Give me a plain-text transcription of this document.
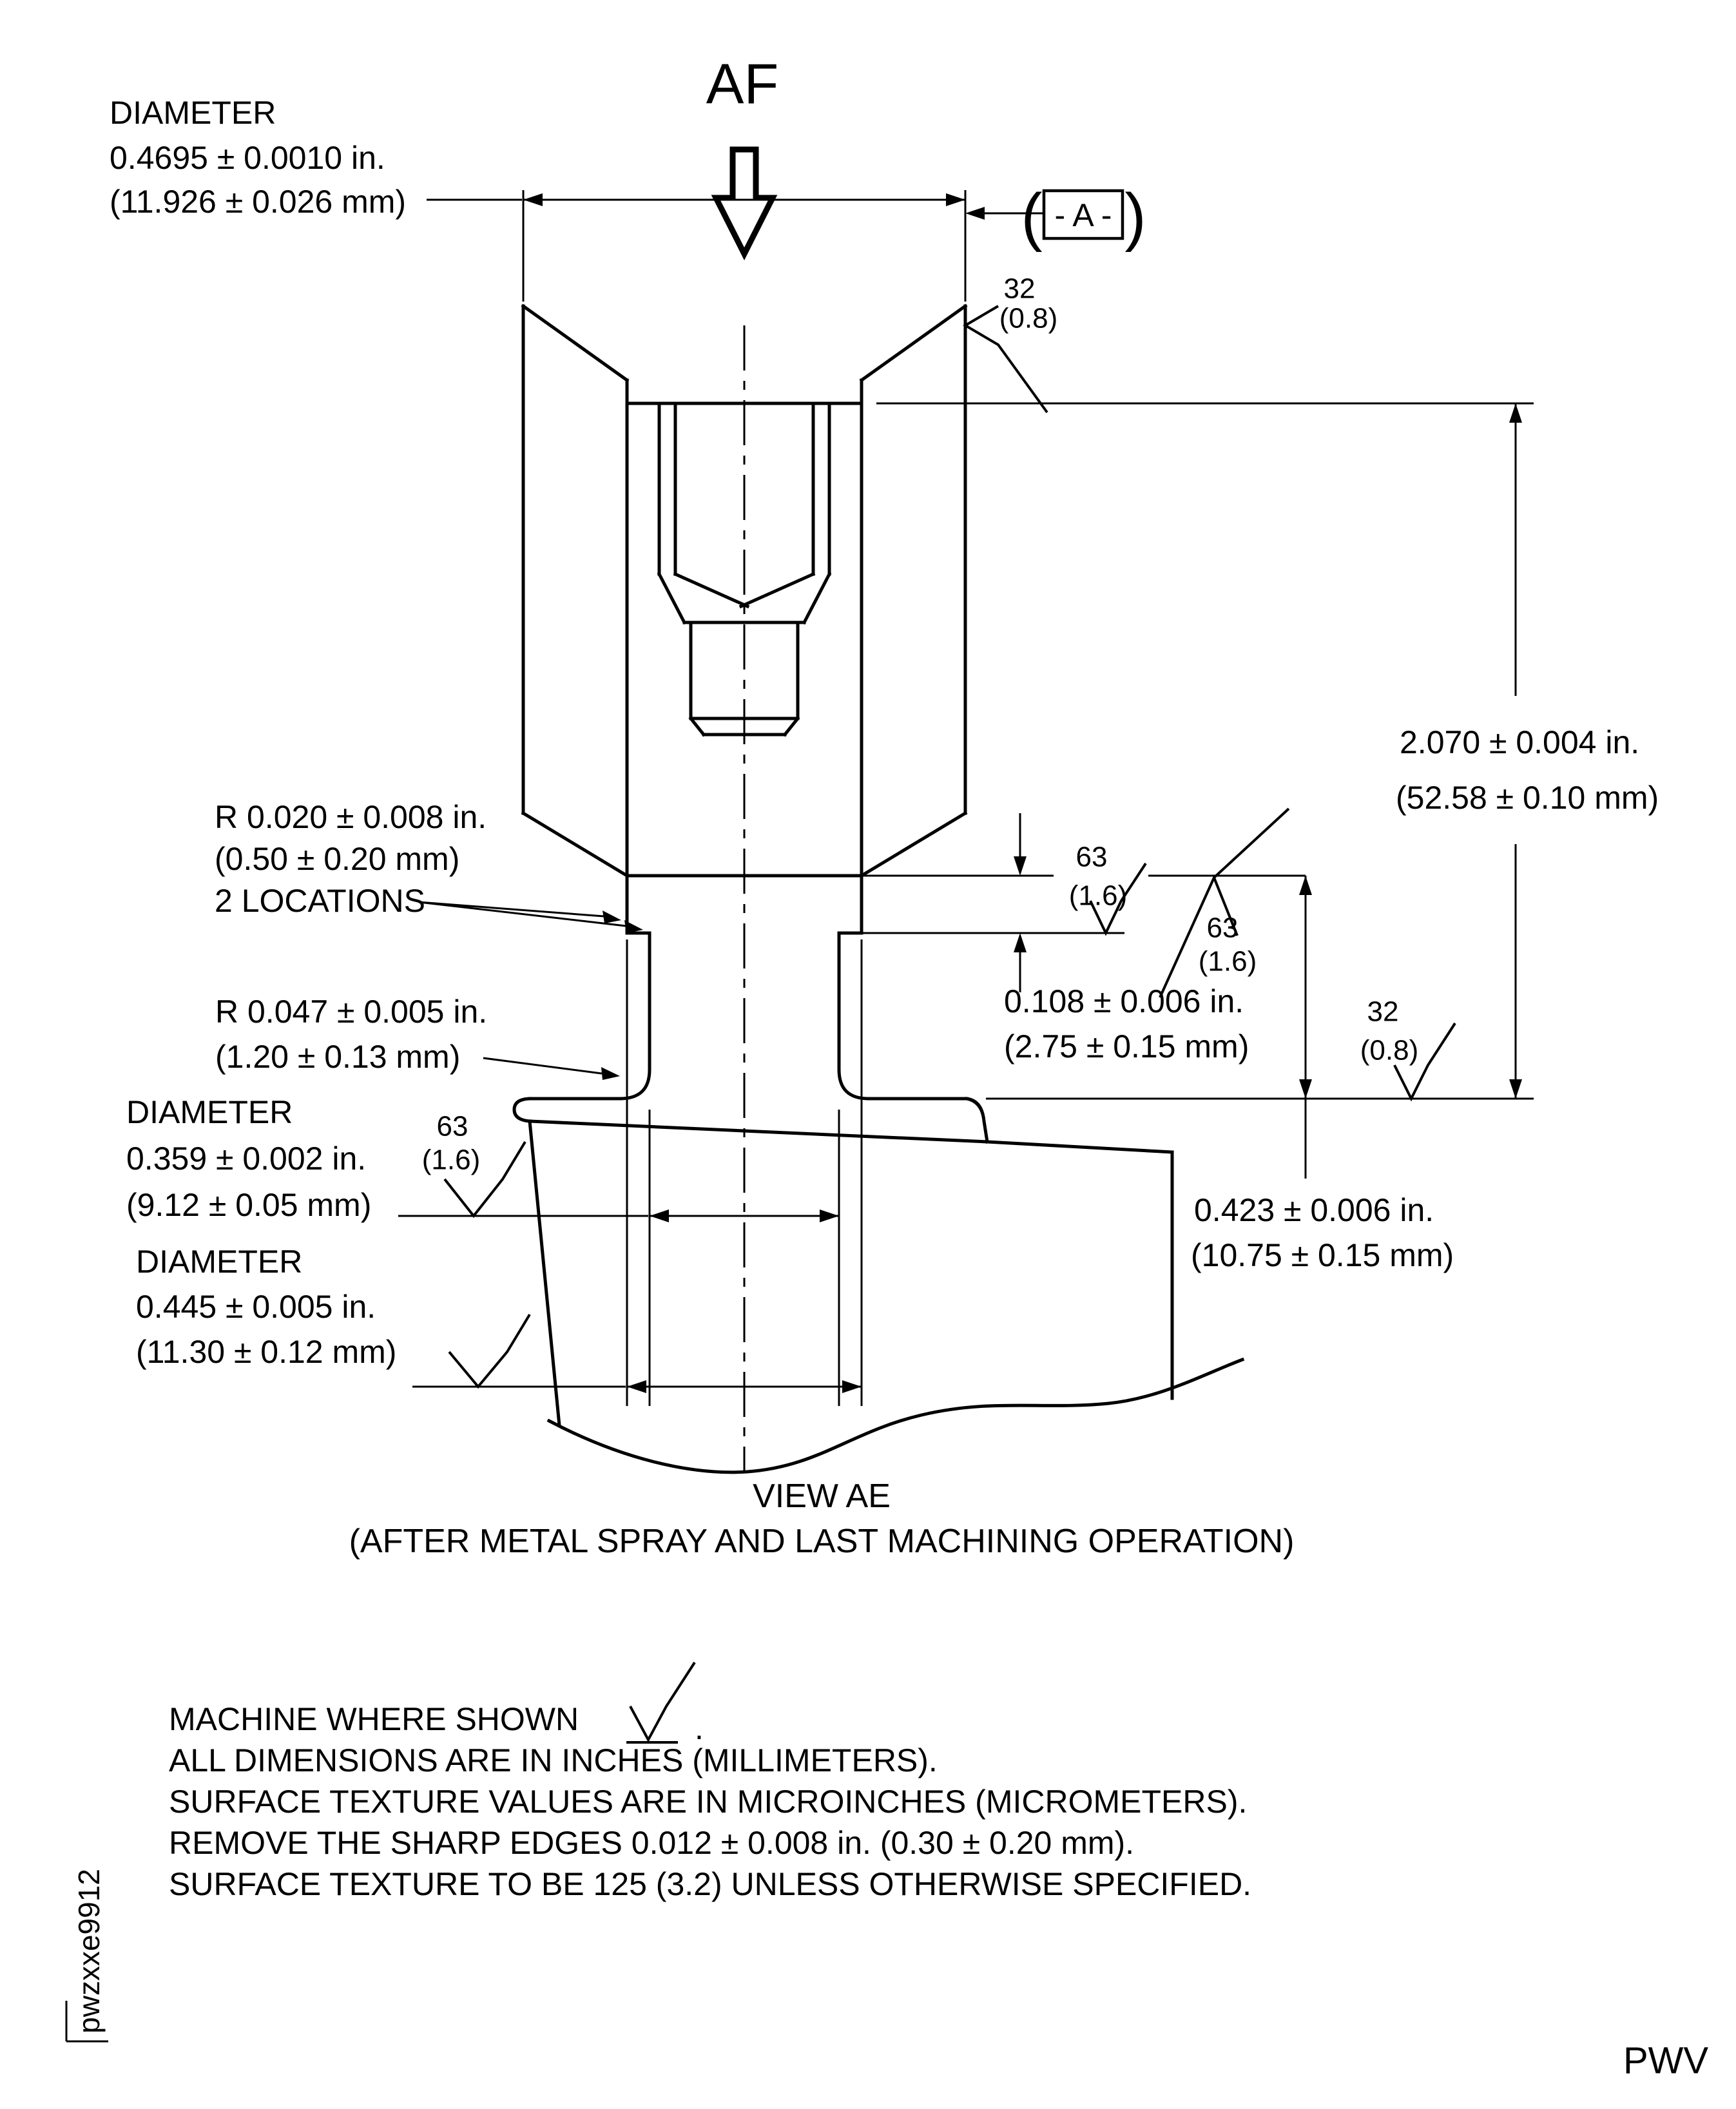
AF
DIAMETER
0.4695 ± 0.0010 in.
(11.926 ± 0.026 mm)	- A -
( )
32
(0.8)
2.070 ± 0.004 in.
(52.58 ± 0.10 mm)
0.108 ± 0.006 in.
(2.75 ± 0.15 mm)
63
(1.6)
63
(1.6)
0.423 ± 0.006 in.
(10.75 ± 0.15 mm)
32
(0.8)
R 0.020 ± 0.008 in.
(0.50 ± 0.20 mm)
2 LOCATIONS
R 0.047 ± 0.005 in.
(1.20 ± 0.13 mm)
DIAMETER
0.359 ± 0.002 in.
(9.12 ± 0.05 mm)
63
(1.6)
DIAMETER
0.445 ± 0.005 in.
(11.30 ± 0.12 mm)
VIEW AE
(AFTER METAL SPRAY AND LAST MACHINING OPERATION)
MACHINE WHERE SHOWN	.
ALL DIMENSIONS ARE IN INCHES (MILLIMETERS).
SURFACE TEXTURE VALUES ARE IN MICROINCHES (MICROMETERS).
REMOVE THE SHARP EDGES 0.012 ± 0.008 in. (0.30 ± 0.20 mm).
SURFACE TEXTURE TO BE 125 (3.2) UNLESS OTHERWISE SPECIFIED.
pwzxxe9912
PWV
